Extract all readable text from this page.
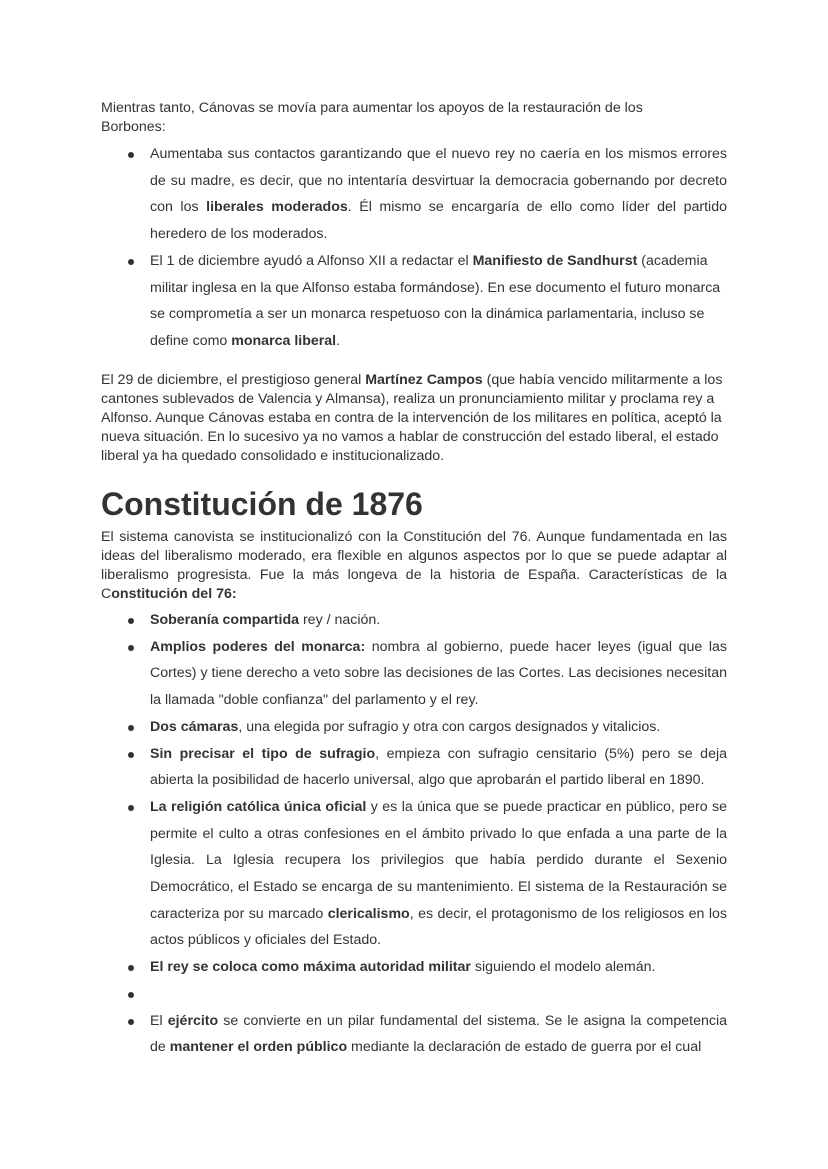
Mientras tanto, Cánovas se movía para aumentar los apoyos de la restauración de los Borbones:

Aumentaba sus contactos garantizando que el nuevo rey no caería en los mismos errores de su madre, es decir, que no intentaría desvirtuar la democracia gobernando por decreto con los liberales moderados. Él mismo se encargaría de ello como líder del partido heredero de los moderados.
El 1 de diciembre ayudó a Alfonso XII a redactar el Manifiesto de Sandhurst (academia militar inglesa en la que Alfonso estaba formándose). En ese documento el futuro monarca se comprometía a ser un monarca respetuoso con la dinámica parlamentaria, incluso se define como monarca liberal.

El 29 de diciembre, el prestigioso general Martínez Campos (que había vencido militarmente a los cantones sublevados de Valencia y Almansa), realiza un pronunciamiento militar y proclama rey a Alfonso. Aunque Cánovas estaba en contra de la intervención de los militares en política, aceptó la nueva situación. En lo sucesivo ya no vamos a hablar de construcción del estado liberal, el estado liberal ya ha quedado consolidado e institucionalizado.

Constitución de 1876

El sistema canovista se institucionalizó con la Constitución del 76. Aunque fundamentada en las ideas del liberalismo moderado, era flexible en algunos aspectos por lo que se puede adaptar al liberalismo progresista. Fue la más longeva de la historia de España. Características de la Constitución del 76:

Soberanía compartida rey / nación.
Amplios poderes del monarca: nombra al gobierno, puede hacer leyes (igual que las Cortes) y tiene derecho a veto sobre las decisiones de las Cortes. Las decisiones necesitan la llamada "doble confianza" del parlamento y el rey.
Dos cámaras, una elegida por sufragio y otra con cargos designados y vitalicios.
Sin precisar el tipo de sufragio, empieza con sufragio censitario (5%) pero se deja abierta la posibilidad de hacerlo universal, algo que aprobarán el partido liberal en 1890.
La religión católica única oficial y es la única que se puede practicar en público, pero se permite el culto a otras confesiones en el ámbito privado lo que enfada a una parte de la Iglesia. La Iglesia recupera los privilegios que había perdido durante el Sexenio Democrático, el Estado se encarga de su mantenimiento. El sistema de la Restauración se caracteriza por su marcado clericalismo, es decir, el protagonismo de los religiosos en los actos públicos y oficiales del Estado.
El rey se coloca como máxima autoridad militar siguiendo el modelo alemán.

El ejército se convierte en un pilar fundamental del sistema. Se le asigna la competencia de mantener el orden público mediante la declaración de estado de guerra por el cual
